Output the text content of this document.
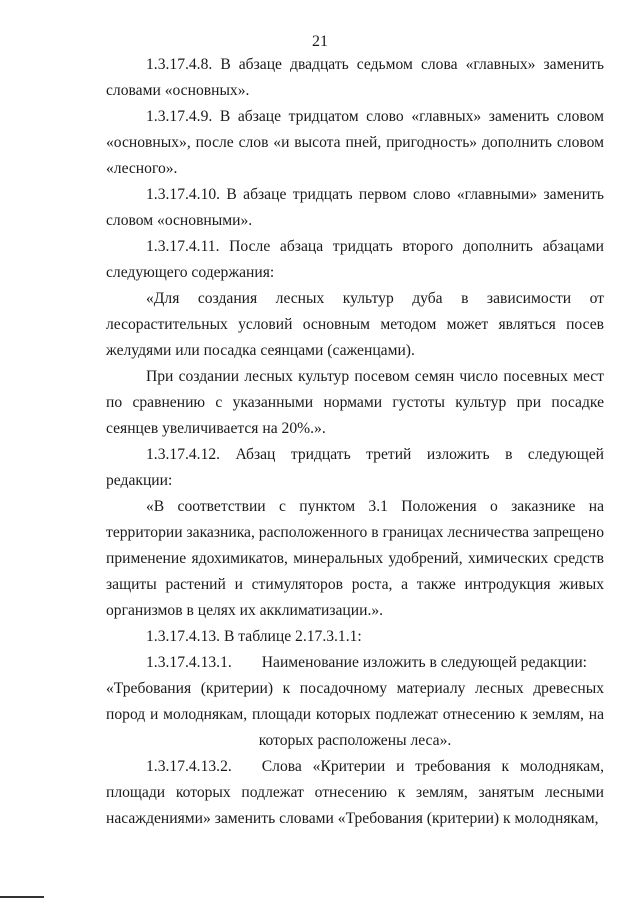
21

1.3.17.4.8. В абзаце двадцать седьмом слова «главных» заменить словами «основных».

1.3.17.4.9. В абзаце тридцатом слово «главных» заменить словом «основных», после слов «и высота пней, пригодность» дополнить словом «лесного».

1.3.17.4.10. В абзаце тридцать первом слово «главными» заменить словом «основными».

1.3.17.4.11. После абзаца тридцать второго дополнить абзацами следующего содержания:

«Для создания лесных культур дуба в зависимости от лесорастительных условий основным методом может являться посев желудями или посадка сеянцами (саженцами).

При создании лесных культур посевом семян число посевных мест по сравнению с указанными нормами густоты культур при посадке сеянцев увеличивается на 20%.».

1.3.17.4.12. Абзац тридцать третий изложить в следующей редакции:

«В соответствии с пунктом 3.1 Положения о заказнике на территории заказника, расположенного в границах лесничества запрещено применение ядохимикатов, минеральных удобрений, химических средств защиты растений и стимуляторов роста, а также интродукция живых организмов в целях их акклиматизации.».

1.3.17.4.13. В таблице 2.17.3.1.1:

1.3.17.4.13.1. Наименование изложить в следующей редакции:

«Требования (критерии) к посадочному материалу лесных древесных пород и молоднякам, площади которых подлежат отнесению к землям, на которых расположены леса».

1.3.17.4.13.2. Слова «Критерии и требования к молоднякам, площади которых подлежат отнесению к землям, занятым лесными насаждениями» заменить словами «Требования (критерии) к молоднякам,
